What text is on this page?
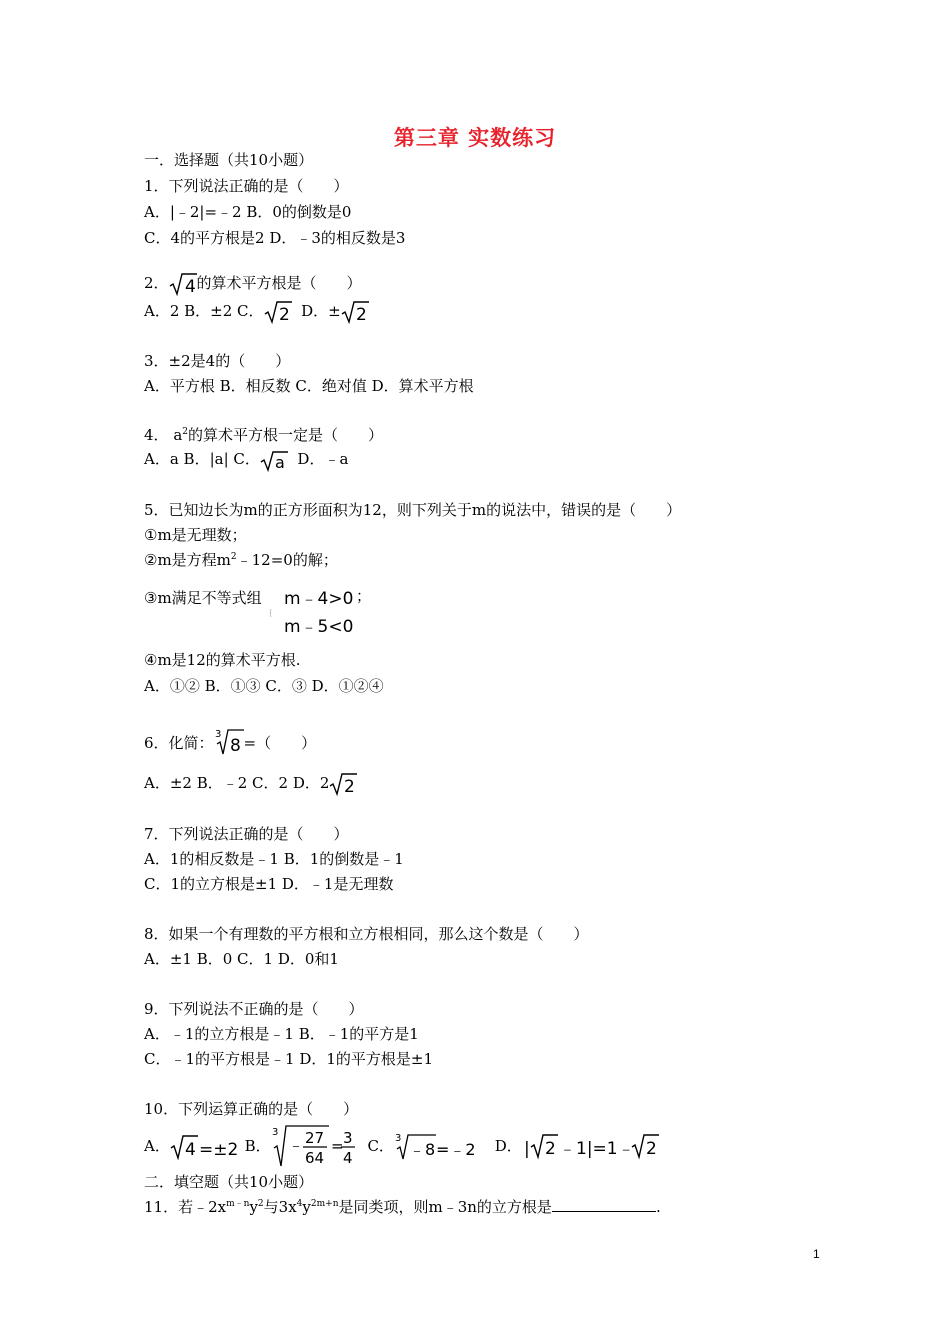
第三章 实数练习
一．选择题（共10小题）
1．下列说法正确的是（　　）
A．|﹣2|=﹣2 B．0的倒数是0
C．4的平方根是2 D．﹣3的相反数是3
2． 4 的算术平方根是（　　）
A．2 B．±2 C． 2 D．± 2
3．±2是4的（　　）
A．平方根 B．相反数 C．绝对值 D．算术平方根
4． $a^2$的算术平方根一定是（　　）
A．a B．|a| C． a D．﹣a
5．已知边长为m的正方形面积为12，则下列关于m的说法中，错误的是（　　）
①m是无理数；
②m是方程$m^2﹣12=0$的解；
③m满足不等式组 m﹣4>0
m﹣5<0
；
④m是12的算术平方根.
A．①② B．①③ C．③ D．①②④
6．化简： 3
8 =（　　）
A．±2 B．﹣2 C．2 D．2 2
7．下列说法正确的是（　　）
A．1的相反数是﹣1 B．1的倒数是﹣1
C．1的立方根是±1 D．﹣1是无理数
8．如果一个有理数的平方根和立方根相同，那么这个数是（　　）
A．±1 B．0 C．1 D．0和1
9．下列说法不正确的是（　　）
A．﹣1的立方根是﹣1 B．﹣1的平方是1
C．﹣1的平方根是﹣1 D．1的平方根是±1
10．下列运算正确的是（　　）
A． 4 =±2 B．
3
﹣ 27
64
= 3
4
C． 3
﹣8 =﹣2 D． | 2 ﹣1|=1﹣ 2
二．填空题（共10小题）
11．若$﹣2x^{m﹣n}y^2$与$3x^4y^{2m+n}$是同类项，则m﹣3n的立方根是	.
1
